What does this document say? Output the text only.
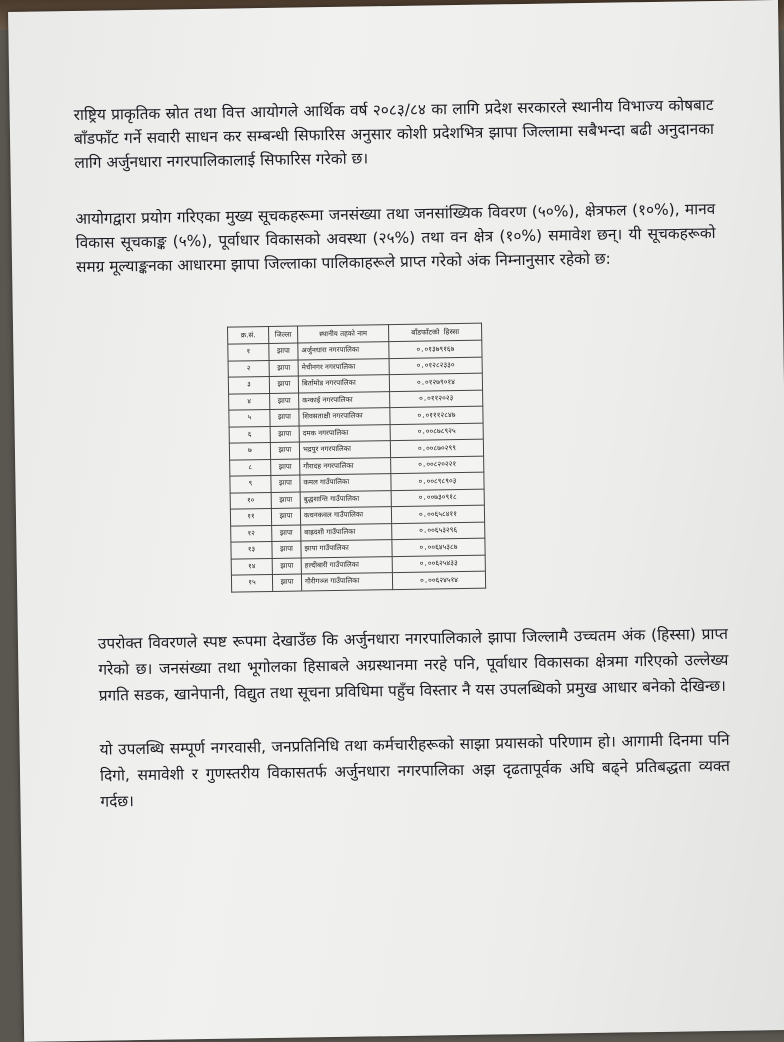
राष्ट्रिय प्राकृतिक स्रोत तथा वित्त आयोगले आर्थिक वर्ष २०८३/८४ का लागि प्रदेश सरकारले स्थानीय विभाज्य कोषबाट बाँडफाँट गर्ने सवारी साधन कर सम्बन्धी सिफारिस अनुसार कोशी प्रदेशभित्र झापा जिल्लामा सबैभन्दा बढी अनुदानका लागि अर्जुनधारा नगरपालिकालाई सिफारिस गरेको छ।
आयोगद्वारा प्रयोग गरिएका मुख्य सूचकहरूमा जनसंख्या तथा जनसांख्यिक विवरण (५०%), क्षेत्रफल (१०%), मानव विकास सूचकाङ्क (५%), पूर्वाधार विकासको अवस्था (२५%) तथा वन क्षेत्र (१०%) समावेश छन्। यी सूचकहरूको समग्र मूल्याङ्कनका आधारमा झापा जिल्लाका पालिकाहरूले प्राप्त गरेको अंक निम्नानुसार रहेको छ:
क्र.सं.	जिल्ला	स्थानीय तहको नाम	बाँडफाँटको हिस्सा
१	झापा	अर्जुनधारा नगरपालिका	०.०१३७९१६७
२	झापा	मेचीनगर नगरपालिका	०.०१२८२३३०
३	झापा	बिर्तामोड नगरपालिका	०.०१२७९०१४
४	झापा	कन्काई नगरपालिका	०.०११२०२३
५	झापा	शिवसताक्षी नगरपालिका	०.०१११२८४७
६	झापा	दमक नगरपालिका	०.००८७८९२५
७	झापा	भद्रपुर नगरपालिका	०.००८७०२९९
८	झापा	गौरादह नगरपालिका	०.००८२०२२१
९	झापा	कमल गाउँपालिका	०.००८९८९०३
१०	झापा	बुद्धशान्ति गाउँपालिका	०.००७३०९१८
११	झापा	कचनकवल गाउँपालिका	०.००६५८४११
१२	झापा	बाह्रदशी गाउँपालिका	०.००६५३२९६
१३	झापा	झापा गाउँपालिका	०.००६४५३८७
१४	झापा	हल्दीबारी गाउँपालिका	०.००६२५४३३
१५	झापा	गौरीगञ्ज गाउँपालिका	०.००६२४५१४
उपरोक्त विवरणले स्पष्ट रूपमा देखाउँछ कि अर्जुनधारा नगरपालिकाले झापा जिल्लामै उच्चतम अंक (हिस्सा) प्राप्त गरेको छ। जनसंख्या तथा भूगोलका हिसाबले अग्रस्थानमा नरहे पनि, पूर्वाधार विकासका क्षेत्रमा गरिएको उल्लेख्य प्रगति सडक, खानेपानी, विद्युत तथा सूचना प्रविधिमा पहुँच विस्तार नै यस उपलब्धिको प्रमुख आधार बनेको देखिन्छ।
यो उपलब्धि सम्पूर्ण नगरवासी, जनप्रतिनिधि तथा कर्मचारीहरूको साझा प्रयासको परिणाम हो। आगामी दिनमा पनि दिगो, समावेशी र गुणस्तरीय विकासतर्फ अर्जुनधारा नगरपालिका अझ दृढतापूर्वक अघि बढ्ने प्रतिबद्धता व्यक्त गर्दछ।
